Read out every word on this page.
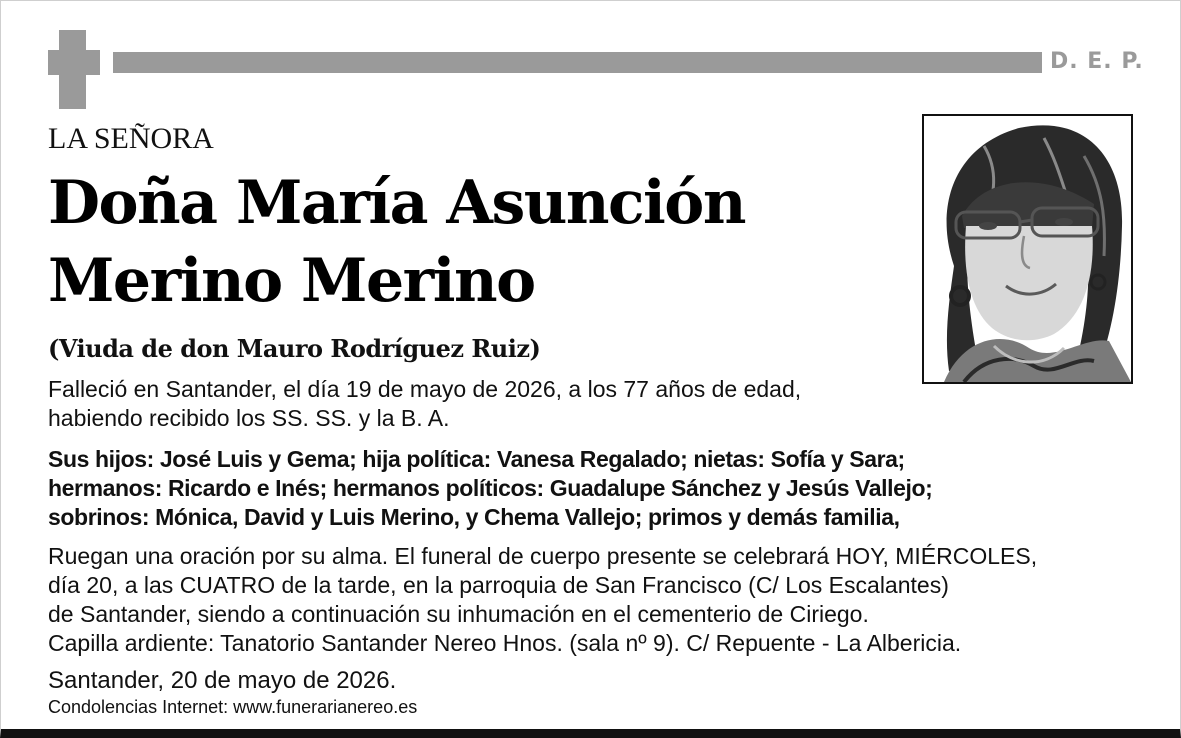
D. E. P.
LA SEÑORA
Doña María Asunción
Merino Merino
(Viuda de don Mauro Rodríguez Ruiz)
Falleció en Santander, el día 19 de mayo de 2026, a los 77 años de edad,
habiendo recibido los SS. SS. y la B. A.
Sus hijos: José Luis y Gema; hija política: Vanesa Regalado; nietas: Sofía y Sara;
hermanos: Ricardo e Inés; hermanos políticos: Guadalupe Sánchez y Jesús Vallejo;
sobrinos: Mónica, David y Luis Merino, y Chema Vallejo; primos y demás familia,
Ruegan una oración por su alma. El funeral de cuerpo presente se celebrará HOY, MIÉRCOLES,
día 20, a las CUATRO de la tarde, en la parroquia de San Francisco (C/ Los Escalantes)
de Santander, siendo a continuación su inhumación en el cementerio de Ciriego.
Capilla ardiente: Tanatorio Santander Nereo Hnos. (sala nº 9). C/ Repuente - La Albericia.
Santander, 20 de mayo de 2026.
Condolencias Internet: www.funerarianereo.es
